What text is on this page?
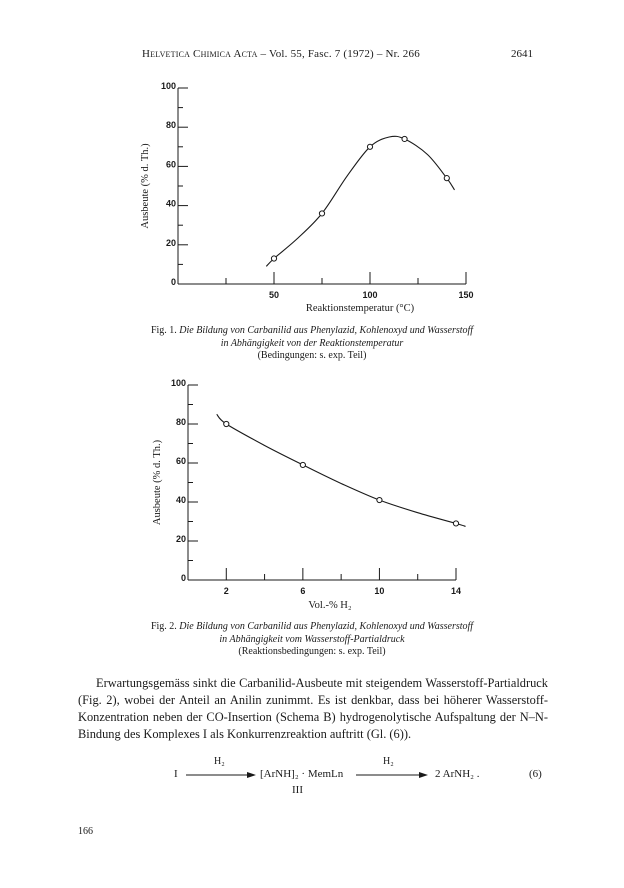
Helvetica Chimica Acta – Vol. 55, Fasc. 7 (1972) – Nr. 266	2641
0
20
40
60
80
100
50	100	150
Ausbeute (% d. Th.)
Reaktionstemperatur (°C)
Fig. 1. Die Bildung von Carbanilid aus Phenylazid, Kohlenoxyd und Wasserstoff
in Abhängigkeit von der Reaktionstemperatur
(Bedingungen: s. exp. Teil)
0
20
40
60
80
100
2	6	10	14
Ausbeute (% d. Th.)
Vol.-% H₂
Fig. 2. Die Bildung von Carbanilid aus Phenylazid, Kohlenoxyd und Wasserstoff
in Abhängigkeit vom Wasserstoff-Partialdruck
(Reaktionsbedingungen: s. exp. Teil)
Erwartungsgemäss sinkt die Carbanilid-Ausbeute mit steigendem Wasserstoff-Partialdruck (Fig. 2), wobei der Anteil an Anilin zunimmt. Es ist denkbar, dass bei höherer Wasserstoff-Konzentration neben der CO-Insertion (Schema B) hydrogenolytische Aufspaltung der N–N-Bindung des Komplexes I als Konkurrenzreaktion auftritt (Gl. (6)).
I
H₂
[ArNH]₂ · MemLn
H₂
2 ArNH₂ .
III
(6)
166
